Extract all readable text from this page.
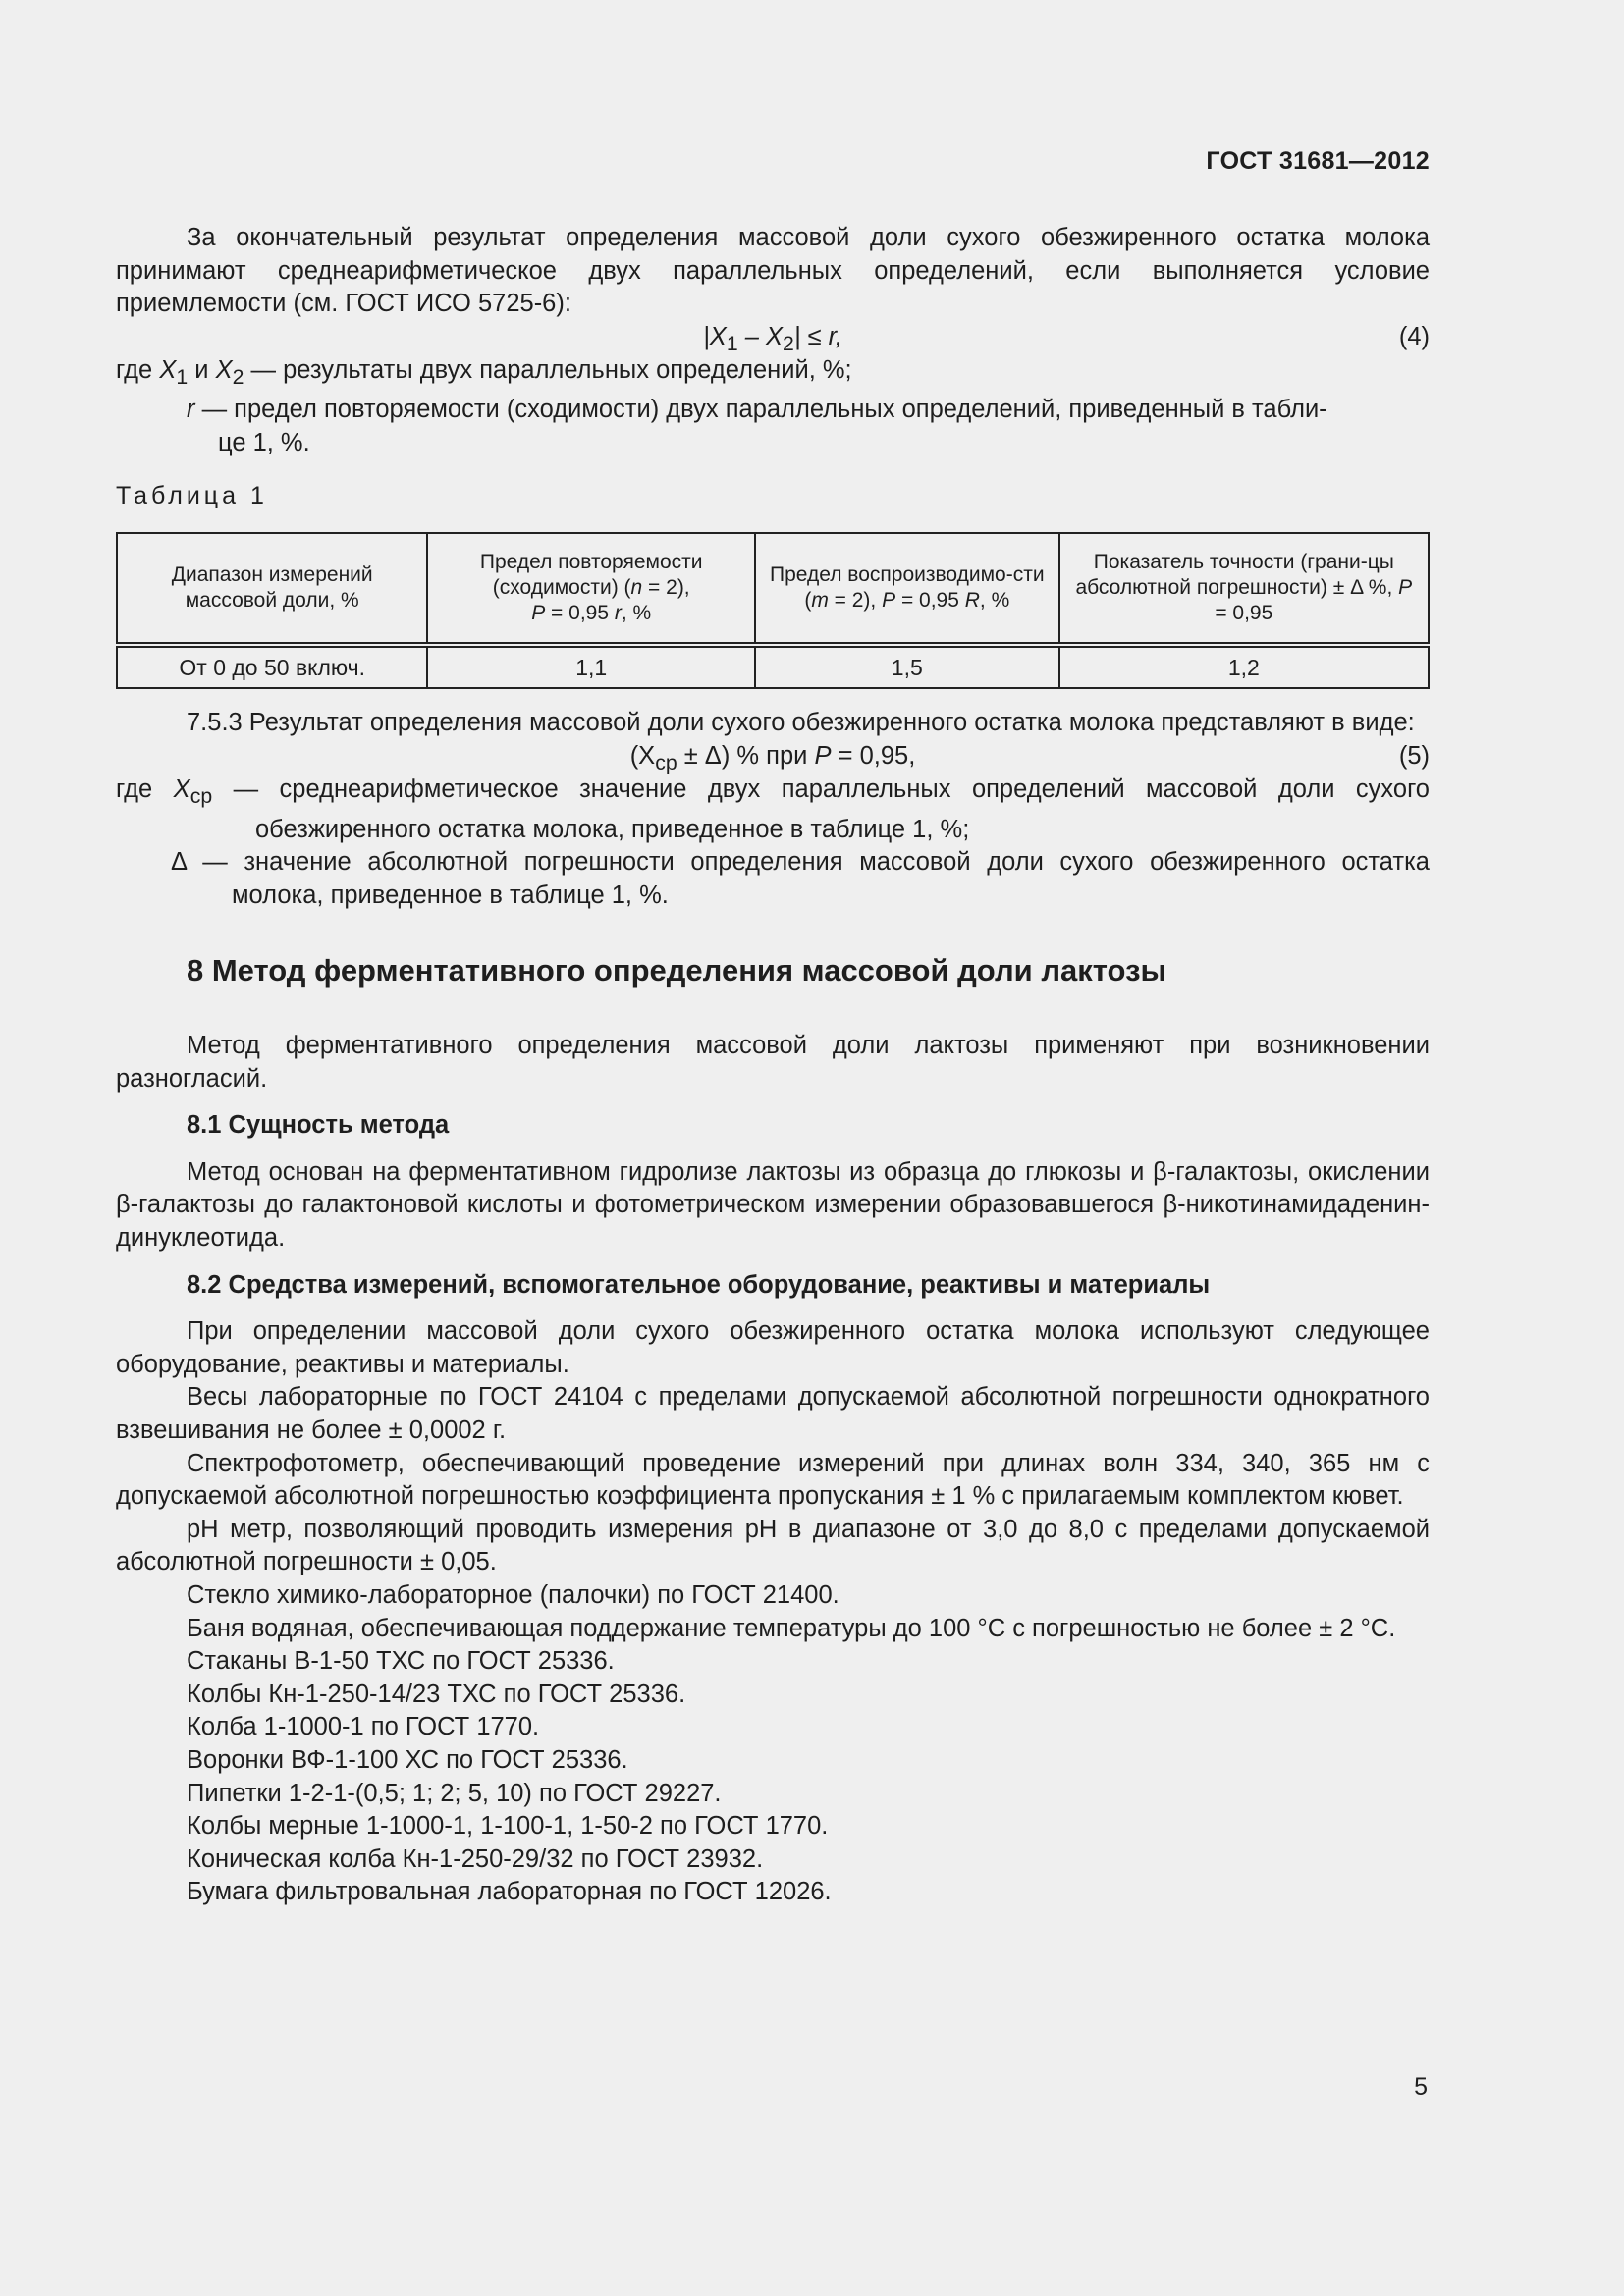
ГОСТ 31681—2012

За окончательный результат определения массовой доли сухого обезжиренного остатка молока принимают среднеарифметическое двух параллельных определений, если выполняется условие приемлемости (см. ГОСТ ИСО 5725-6):

$|X_1 - X_2| \le r$,	(4)

где $X_1$ и $X_2$ — результаты двух параллельных определений, %;

r — предел повторяемости (сходимости) двух параллельных определений, приведенный в табли-
це 1, %.

Таблица 1

Диапазон измерений массовой доли, %	Предел повторяемости (сходимости) (n = 2),
P = 0,95 r, %	Предел воспроизводимо-сти (m = 2), P = 0,95 R, %	Показатель точности (грани-цы абсолютной погрешности) ± Δ %, P = 0,95
От 0 до 50 включ.	1,1	1,5	1,2

7.5.3 Результат определения массовой доли сухого обезжиренного остатка молока представляют в виде:

$(X_{ср} \pm \Delta)$ % при P = 0,95,	(5)

где $X_{ср}$ — среднеарифметическое значение двух параллельных определений массовой доли сухого обезжиренного остатка молока, приведенное в таблице 1, %;

Δ — значение абсолютной погрешности определения массовой доли сухого обезжиренного остатка молока, приведенное в таблице 1, %.

8 Метод ферментативного определения массовой доли лактозы

Метод ферментативного определения массовой доли лактозы применяют при возникновении разногласий.

8.1 Сущность метода

Метод основан на ферментативном гидролизе лактозы из образца до глюкозы и β-галактозы, окислении β-галактозы до галактоновой кислоты и фотометрическом измерении образовавшегося β-никотинамидаденин-динуклеотида.

8.2 Средства измерений, вспомогательное оборудование, реактивы и материалы

При определении массовой доли сухого обезжиренного остатка молока используют следующее оборудование, реактивы и материалы.

Весы лабораторные по ГОСТ 24104 с пределами допускаемой абсолютной погрешности однократного взвешивания не более ± 0,0002 г.

Спектрофотометр, обеспечивающий проведение измерений при длинах волн 334, 340, 365 нм с допускаемой абсолютной погрешностью коэффициента пропускания ± 1 % с прилагаемым комплектом кювет.

рН метр, позволяющий проводить измерения рН в диапазоне от 3,0 до 8,0 с пределами допускаемой абсолютной погрешности ± 0,05.

Стекло химико-лабораторное (палочки) по ГОСТ 21400.

Баня водяная, обеспечивающая поддержание температуры до 100 °С с погрешностью не более ± 2 °С.

Стаканы В-1-50 ТХС по ГОСТ 25336.

Колбы Кн-1-250-14/23 ТХС по ГОСТ 25336.

Колба 1-1000-1 по ГОСТ 1770.

Воронки ВФ-1-100 ХС по ГОСТ 25336.

Пипетки 1-2-1-(0,5; 1; 2; 5, 10) по ГОСТ 29227.

Колбы мерные 1-1000-1, 1-100-1, 1-50-2 по ГОСТ 1770.

Коническая колба Кн-1-250-29/32 по ГОСТ 23932.

Бумага фильтровальная лабораторная по ГОСТ 12026.

5
